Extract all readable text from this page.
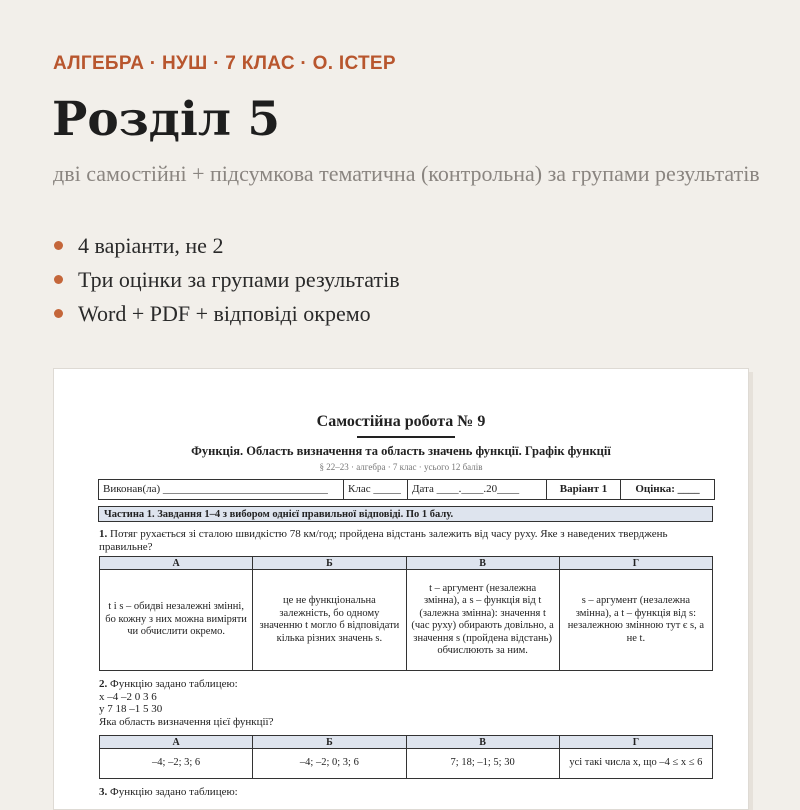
АЛГЕБРА · НУШ · 7 КЛАС · О. ІСТЕР
Розділ 5
дві самостійні + підсумкова тематична (контрольна) за групами результатів
4 варіанти, не 2
Три оцінки за групами результатів
Word + PDF + відповіді окремо
Самостійна робота № 9
Функція. Область визначення та область значень функції. Графік функції
§ 22–23 · алгебра · 7 клас · усього 12 балів
Виконав(ла) ______________________________	Клас _____	Дата ____.____.20____	Варіант 1	Оцінка: ____
Частина 1. Завдання 1–4 з вибором однієї правильної відповіді. По 1 балу.
1. Потяг рухається зі сталою швидкістю 78 км/год; пройдена відстань залежить від часу руху. Яке з наведених тверджень правильне?
А	Б	В	Г
t і s – обидві незалежні змінні, бо кожну з них можна виміряти чи обчислити окремо.	це не функціональна залежність, бо одному значенню t могло б відповідати кілька різних значень s.	t – аргумент (незалежна змінна), а s – функція від t (залежна змінна): значення t (час руху) обирають довільно, а значення s (пройдена відстань) обчислюють за ним.	s – аргумент (незалежна змінна), а t – функція від s: незалежною змінною тут є s, а не t.
2. Функцію задано таблицею:
x –4 –2 0 3 6
y 7 18 –1 5 30
Яка область визначення цієї функції?
А	Б	В	Г
–4; –2; 3; 6	–4; –2; 0; 3; 6	7; 18; –1; 5; 30	усі такі числа x, що –4 ≤ x ≤ 6
3. Функцію задано таблицею:
